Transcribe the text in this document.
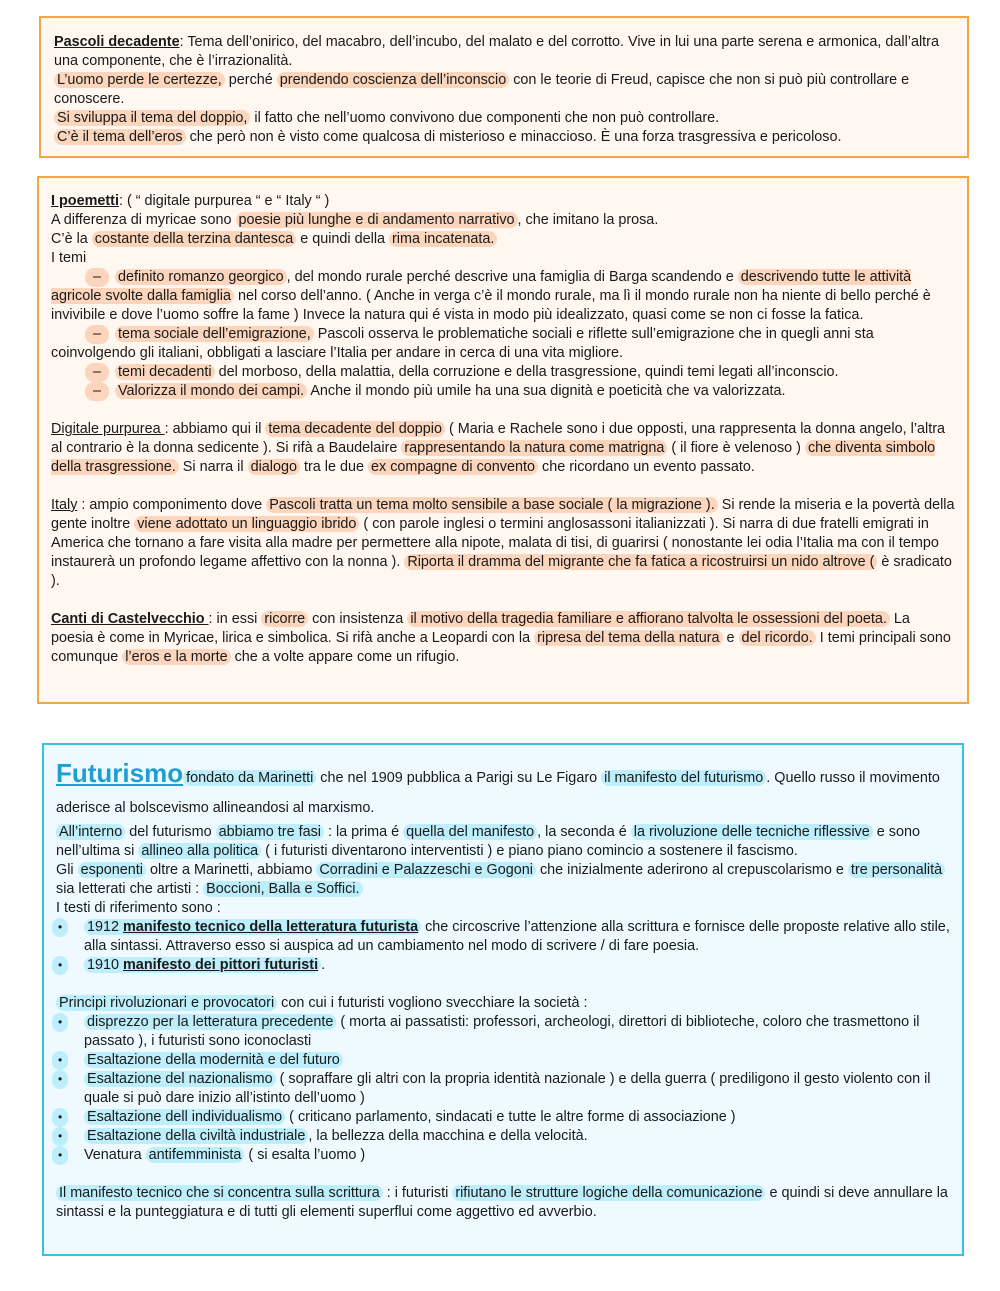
Pascoli decadente: Tema dell’onirico, del macabro, dell’incubo, del malato e del corrotto. Vive in lui una parte serena e armonica, dall’altra una componente, che è l’irrazionalità.

L’uomo perde le certezze, perché prendendo coscienza dell’inconscio con le teorie di Freud, capisce che non si può più controllare e conoscere.

Si sviluppa il tema del doppio, il fatto che nell’uomo convivono due componenti che non può controllare.

C’è il tema dell’eros che però non è visto come qualcosa di misterioso e minaccioso. È una forza trasgressiva e pericoloso.

I poemetti: ( “ digitale purpurea “ e “ Italy “ )

A differenza di myricae sono poesie più lunghe e di andamento narrativo , che imitano la prosa.

C’è la costante della terzina dantesca e quindi della rima incatenata.

I temi

–	definito romanzo georgico , del mondo rurale perché descrive una famiglia di Barga scandendo e descrivendo tutte le attività agricole svolte dalla famiglia nel corso dell’anno. ( Anche in verga c’è il mondo rurale, ma lì il mondo rurale non ha niente di bello perché è invivibile e dove l’uomo soffre la fame ) Invece la natura qui é vista in modo più idealizzato, quasi come se non ci fosse la fatica.

–	tema sociale dell’emigrazione, Pascoli osserva le problematiche sociali e riflette sull’emigrazione che in quegli anni sta coinvolgendo gli italiani, obbligati a lasciare l’Italia per andare in cerca di una vita migliore.

–	temi decadenti del morboso, della malattia, della corruzione e della trasgressione, quindi temi legati all’inconscio.

–	Valorizza il mondo dei campi. Anche il mondo più umile ha una sua dignità e poeticità che va valorizzata.

Digitale purpurea : abbiamo qui il tema decadente del doppio ( Maria e Rachele sono i due opposti, una rappresenta la donna angelo, l’altra al contrario è la donna sedicente ). Si rifà a Baudelaire rappresentando la natura come matrigna ( il fiore è velenoso ) che diventa simbolo della trasgressione. Si narra il dialogo tra le due ex compagne di convento che ricordano un evento passato.

Italy : ampio componimento dove Pascoli tratta un tema molto sensibile a base sociale ( la migrazione ). Si rende la miseria e la povertà della gente inoltre viene adottato un linguaggio ibrido ( con parole inglesi o termini anglosassoni italianizzati ). Si narra di due fratelli emigrati in America che tornano a fare visita alla madre per permettere alla nipote, malata di tisi, di guarirsi ( nonostante lei odia l’Italia ma con il tempo instaurerà un profondo legame affettivo con la nonna ). Riporta il dramma del migrante che fa fatica a ricostruirsi un nido altrove ( è sradicato ).

Canti di Castelvecchio : in essi ricorre con insistenza il motivo della tragedia familiare e affiorano talvolta le ossessioni del poeta. La poesia è come in Myricae, lirica e simbolica. Si rifà anche a Leopardi con la ripresa del tema della natura e del ricordo. I temi principali sono comunque l’eros e la morte che a volte appare come un rifugio.

Futurismo fondato da Marinetti che nel 1909 pubblica a Parigi su Le Figaro il manifesto del futurismo . Quello russo il movimento aderisce al bolscevismo allineandosi al marxismo.

All’interno del futurismo abbiamo tre fasi : la prima é quella del manifesto , la seconda é la rivoluzione delle tecniche riflessive e sono nell’ultima si allineo alla politica ( i futuristi diventarono interventisti ) e piano piano comincio a sostenere il fascismo.

Gli esponenti oltre a Marinetti, abbiamo Corradini e Palazzeschi e Gogoni che inizialmente aderirono al crepuscolarismo e tre personalità sia letterati che artisti : Boccioni, Balla e Soffici.

I testi di riferimento sono :

•	1912 manifesto tecnico della letteratura futurista che circoscrive l’attenzione alla scrittura e fornisce delle proposte relative allo stile, alla sintassi. Attraverso esso si auspica ad un cambiamento nel modo di scrivere / di fare poesia.

•	1910 manifesto dei pittori futuristi .

Principi rivoluzionari e provocatori con cui i futuristi vogliono svecchiare la società :

•	disprezzo per la letteratura precedente ( morta ai passatisti: professori, archeologi, direttori di biblioteche, coloro che trasmettono il passato ), i futuristi sono iconoclasti

•	Esaltazione della modernità e del futuro

•	Esaltazione del nazionalismo ( sopraffare gli altri con la propria identità nazionale ) e della guerra ( prediligono il gesto violento con il quale si può dare inizio all’istinto dell’uomo )

•	Esaltazione dell individualismo ( criticano parlamento, sindacati e tutte le altre forme di associazione )

•	Esaltazione della civiltà industriale , la bellezza della macchina e della velocità.

•	Venatura antifemminista ( si esalta l’uomo )

Il manifesto tecnico che si concentra sulla scrittura : i futuristi rifiutano le strutture logiche della comunicazione e quindi si deve annullare la sintassi e la punteggiatura e di tutti gli elementi superflui come aggettivo ed avverbio.
